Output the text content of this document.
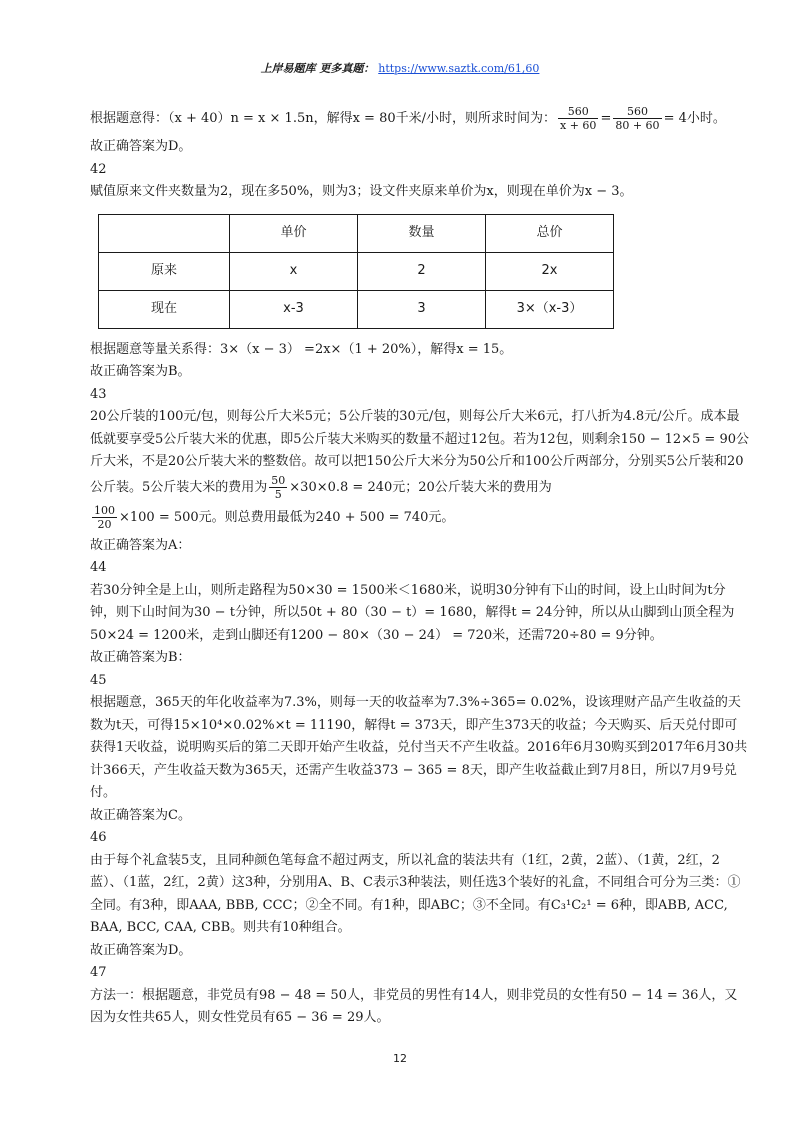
上岸易题库 更多真题： https://www.saztk.com/61,60

根据题意得：（x + 40）n = x × 1.5n，解得x = 80千米/小时，则所求时间为： $\frac{560}{x + 60} = \frac{560}{80 + 60} = 4$小时。

故正确答案为D。

42

赋值原来文件夹数量为2，现在多50%，则为3；设文件夹原来单价为x，则现在单价为x − 3。

	单价	数量	总价
原来	x	2	2x
现在	x-3	3	3×（x-3）

根据题意等量关系得：3×（x − 3） =2x×（1 + 20%），解得x = 15。

故正确答案为B。

43

20公斤装的100元/包，则每公斤大米5元；5公斤装的30元/包，则每公斤大米6元，打八折为4.8元/公斤。成本最低就要享受5公斤装大米的优惠，即5公斤装大米购买的数量不超过12包。若为12包，则剩余150 − 12×5 = 90公斤大米，不是20公斤装大米的整数倍。故可以把150公斤大米分为50公斤和100公斤两部分，分别买5公斤装和20公斤装。5公斤装大米的费用为 $\frac{50}{5} \times 30\times 0.8 = 240$元；20公斤装大米的费用为

$\frac{100}{20} \times 100 = 500$元。则总费用最低为240 + 500 = 740元。

故正确答案为A：

44

若30分钟全是上山，则所走路程为50×30 = 1500米＜1680米，说明30分钟有下山的时间，设上山时间为t分钟，则下山时间为30 − t分钟，所以50t + 80（30 − t）= 1680，解得t = 24分钟，所以从山脚到山顶全程为50×24 = 1200米，走到山脚还有1200 − 80×（30 − 24） = 720米，还需720÷80 = 9分钟。

故正确答案为B：

45

根据题意，365天的年化收益率为7.3%，则每一天的收益率为7.3%÷365= 0.02%，设该理财产品产生收益的天数为t天，可得15×10⁴×0.02%×t = 11190，解得t = 373天，即产生373天的收益；今天购买、后天兑付即可获得1天收益，说明购买后的第二天即开始产生收益，兑付当天不产生收益。2016年6月30购买到2017年6月30共计366天，产生收益天数为365天，还需产生收益373 − 365 = 8天，即产生收益截止到7月8日，所以7月9号兑付。

故正确答案为C。

46

由于每个礼盒装5支，且同种颜色笔每盒不超过两支，所以礼盒的装法共有（1红，2黄，2蓝）、（1黄，2红，2蓝）、（1蓝，2红，2黄）这3种，分别用A、B、C表示3种装法，则任选3个装好的礼盒，不同组合可分为三类：①全同。有3种，即AAA, BBB, CCC；②全不同。有1种，即ABC；③不全同。有C₃¹C₂¹ = 6种，即ABB, ACC, BAA, BCC, CAA, CBB。则共有10种组合。

故正确答案为D。

47

方法一：根据题意，非党员有98 − 48 = 50人，非党员的男性有14人，则非党员的女性有50 − 14 = 36人，又因为女性共65人，则女性党员有65 − 36 = 29人。

12
